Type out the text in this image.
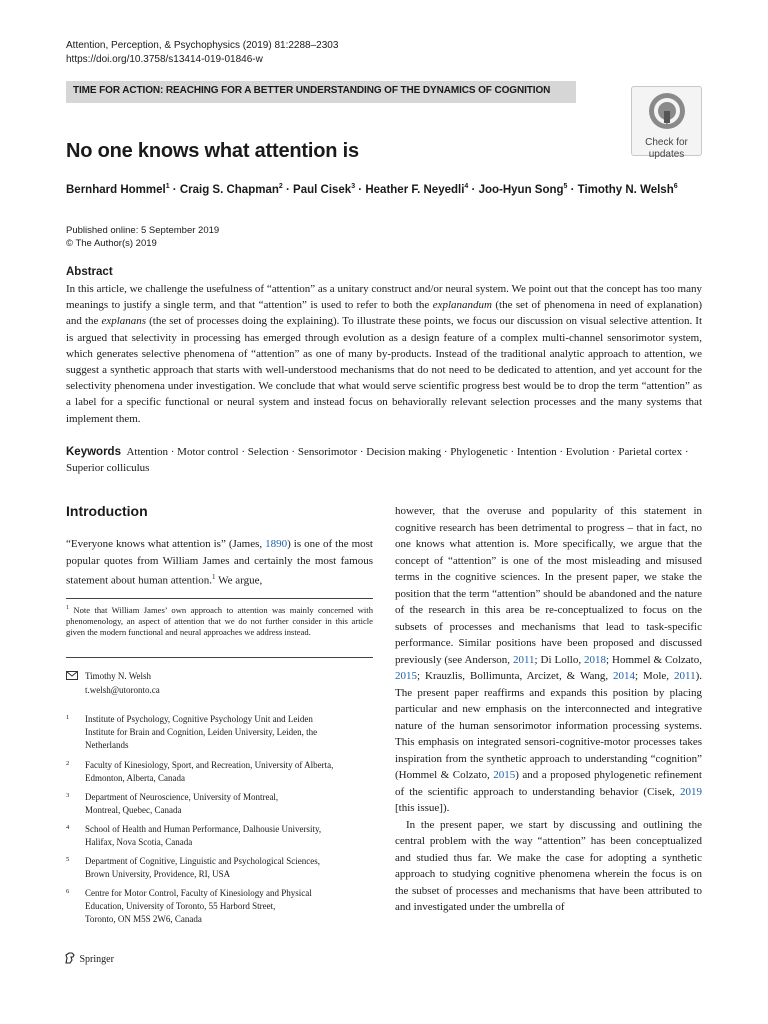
Attention, Perception, & Psychophysics (2019) 81:2288–2303
https://doi.org/10.3758/s13414-019-01846-w
TIME FOR ACTION: REACHING FOR A BETTER UNDERSTANDING OF THE DYNAMICS OF COGNITION
Check for
updates
No one knows what attention is
Bernhard Hommel$^1$ · Craig S. Chapman$^2$ · Paul Cisek$^3$ · Heather F. Neyedli$^4$ · Joo-Hyun Song$^5$ · Timothy N. Welsh$^6$
Published online: 5 September 2019
© The Author(s) 2019
Abstract
In this article, we challenge the usefulness of “attention” as a unitary construct and/or neural system. We point out that the concept has too many meanings to justify a single term, and that “attention” is used to refer to both the explanandum (the set of phenomena in need of explanation) and the explanans (the set of processes doing the explaining). To illustrate these points, we focus our discussion on visual selective attention. It is argued that selectivity in processing has emerged through evolution as a design feature of a complex multi-channel sensorimotor system, which generates selective phenomena of “attention” as one of many by-products. Instead of the traditional analytic approach to attention, we suggest a synthetic approach that starts with well-understood mechanisms that do not need to be dedicated to attention, and yet account for the selectivity phenomena under investigation. We conclude that what would serve scientific progress best would be to drop the term “attention” as a label for a specific functional or neural system and instead focus on behaviorally relevant selection processes and the many systems that implement them.
Keywords Attention · Motor control · Selection · Sensorimotor · Decision making · Phylogenetic · Intention · Evolution · Parietal cortex · Superior colliculus
Introduction
“Everyone knows what attention is” (James, 1890) is one of the most popular quotes from William James and certainly the most famous statement about human attention.$^1$ We argue,
$^1$ Note that William James’ own approach to attention was mainly concerned with phenomenology, an aspect of attention that we do not further consider in this article given the modern functional and neural approaches we address instead.
Timothy N. Welsh
t.welsh@utoronto.ca
1 Institute of Psychology, Cognitive Psychology Unit and Leiden
Institute for Brain and Cognition, Leiden University, Leiden, the
Netherlands
2 Faculty of Kinesiology, Sport, and Recreation, University of Alberta,
Edmonton, Alberta, Canada
3 Department of Neuroscience, University of Montreal,
Montreal, Quebec, Canada
4 School of Health and Human Performance, Dalhousie University,
Halifax, Nova Scotia, Canada
5 Department of Cognitive, Linguistic and Psychological Sciences,
Brown University, Providence, RI, USA
6 Centre for Motor Control, Faculty of Kinesiology and Physical
Education, University of Toronto, 55 Harbord Street,
Toronto, ON M5S 2W6, Canada

however, that the overuse and popularity of this statement in cognitive research has been detrimental to progress – that in fact, no one knows what attention is. More specifically, we argue that the concept of “attention” is one of the most misleading and misused terms in the cognitive sciences. In the present paper, we stake the position that the term “attention” should be abandoned and the nature of the research in this area be re-conceptualized to focus on the subsets of processes and mechanisms that lead to task-specific performance. Similar positions have been proposed and discussed previously (see Anderson, 2011; Di Lollo, 2018; Hommel & Colzato, 2015; Krauzlis, Bollimunta, Arcizet, & Wang, 2014; Mole, 2011). The present paper reaffirms and expands this position by placing particular and new emphasis on the interconnected and integrative nature of the human sensorimotor information processing systems. This emphasis on integrated sensori-cognitive-motor processes takes inspiration from the synthetic approach to understanding “cognition” (Hommel & Colzato, 2015) and a proposed phylogenetic refinement of the scientific approach to understanding behavior (Cisek, 2019 [this issue]).

In the present paper, we start by discussing and outlining the central problem with the way “attention” has been conceptualized and studied thus far. We make the case for adopting a synthetic approach to studying cognitive phenomena wherein the focus is on the subset of processes and mechanisms that have been attributed to and investigated under the umbrella of

Springer
